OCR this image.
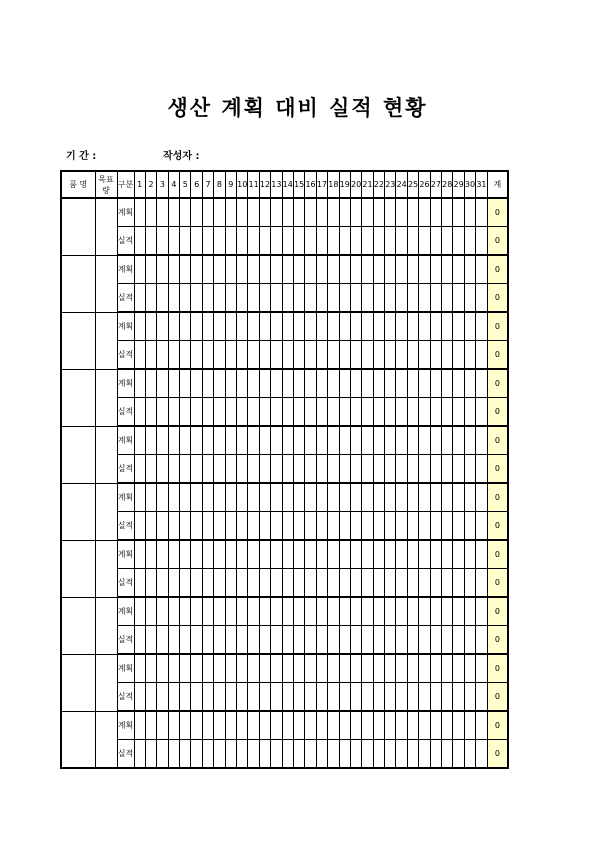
생산 계획 대비 실적 현황
기 간 :	작성자 :
품 명	목표량	구분	1	2	3	4	5	6	7	8	9	10	11	12	13	14	15	16	17	18	19	20	21	22	23	24	25	26	27	28	29	30	31	계
		계획																																0
		실적																																0
		계획																																0
		실적																																0
		계획																																0
		실적																																0
		계획																																0
		실적																																0
		계획																																0
		실적																																0
		계획																																0
		실적																																0
		계획																																0
		실적																																0
		계획																																0
		실적																																0
		계획																																0
		실적																																0
		계획																																0
		실적																																0
